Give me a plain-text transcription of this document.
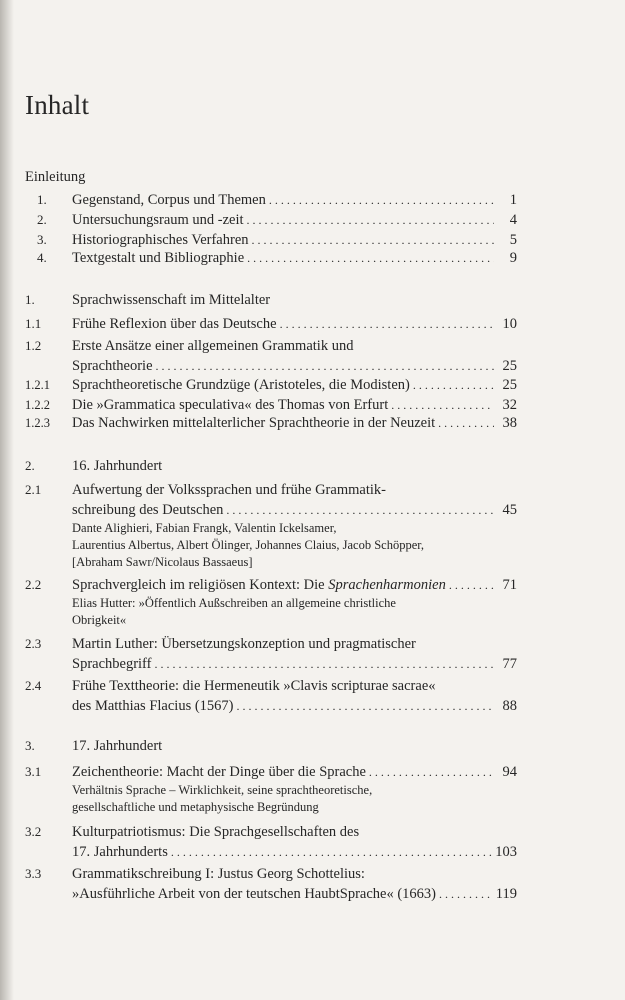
Inhalt
Einleitung
1. Gegenstand, Corpus und Themen . . .	1
2. Untersuchungsraum und -zeit . . .	4
3. Historiographisches Verfahren . . .	5
4. Textgestalt und Bibliographie . . .	9
1.	Sprachwissenschaft im Mittelalter
1.1 Frühe Reflexion über das Deutsche . . .	10
1.2 Erste Ansätze einer allgemeinen Grammatik und
Sprachtheorie . . .	25
1.2.1 Sprachtheoretische Grundzüge (Aristoteles, die Modisten) . . .	25
1.2.2 Die »Grammatica speculativa« des Thomas von Erfurt . . .	32
1.2.3 Das Nachwirken mittelalterlicher Sprachtheorie in der Neuzeit . . .	38
2.	16. Jahrhundert
2.1 Aufwertung der Volkssprachen und frühe Grammatik-
schreibung des Deutschen . . .	45
Dante Alighieri, Fabian Frangk, Valentin Ickelsamer,
Laurentius Albertus, Albert Ölinger, Johannes Claius, Jacob Schöpper,
[Abraham Sawr/Nicolaus Bassaeus]
2.2 Sprachvergleich im religiösen Kontext: Die Sprachenharmonien . . .	71
Elias Hutter: »Öffentlich Außschreiben an allgemeine christliche
Obrigkeit«
2.3 Martin Luther: Übersetzungskonzeption und pragmatischer
Sprachbegriff . . .	77
2.4 Frühe Texttheorie: die Hermeneutik »Clavis scripturae sacrae«
des Matthias Flacius (1567) . . .	88
3.	17. Jahrhundert
3.1 Zeichentheorie: Macht der Dinge über die Sprache . . .	94
Verhältnis Sprache – Wirklichkeit, seine sprachtheoretische,
gesellschaftliche und metaphysische Begründung
3.2 Kulturpatriotismus: Die Sprachgesellschaften des
17. Jahrhunderts . . .	103
3.3 Grammatikschreibung I: Justus Georg Schottelius:
»Ausführliche Arbeit von der teutschen HaubtSprache« (1663) . . .	119
